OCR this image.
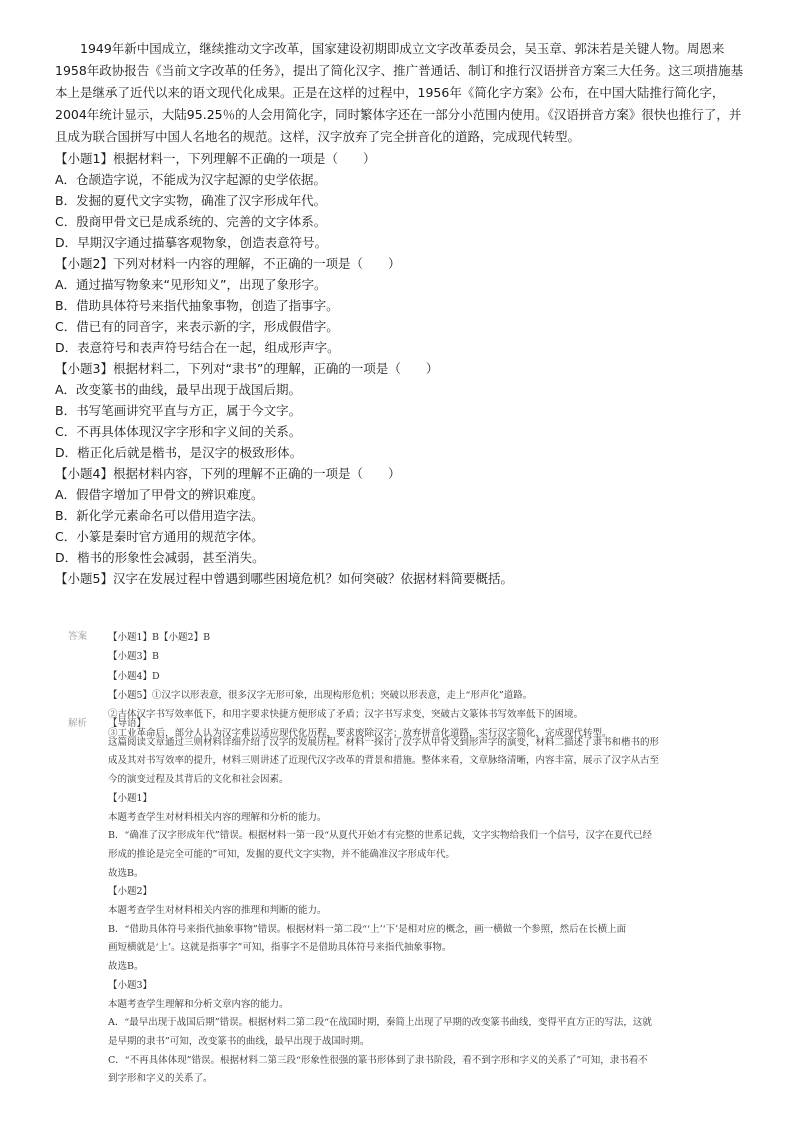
1949年新中国成立，继续推动文字改革，国家建设初期即成立文字改革委员会，吴玉章、郭沫若是关键人物。周恩来1958年政协报告《当前文字改革的任务》，提出了简化汉字、推广普通话、制订和推行汉语拼音方案三大任务。这三项措施基本上是继承了近代以来的语文现代化成果。正是在这样的过程中，1956年《简化字方案》公布，在中国大陆推行简化字，2004年统计显示，大陆95.25％的人会用简化字，同时繁体字还在一部分小范围内使用。《汉语拼音方案》很快也推行了，并且成为联合国拼写中国人名地名的规范。这样，汉字放弃了完全拼音化的道路，完成现代转型。

【小题1】根据材料一，下列理解不正确的一项是（　　）

A．仓颉造字说，不能成为汉字起源的史学依据。

B．发掘的夏代文字实物，确准了汉字形成年代。

C．殷商甲骨文已是成系统的、完善的文字体系。

D．早期汉字通过描摹客观物象，创造表意符号。

【小题2】下列对材料一内容的理解，不正确的一项是（　　）

A．通过描写物象来“见形知义”，出现了象形字。

B．借助具体符号来指代抽象事物，创造了指事字。

C．借已有的同音字，来表示新的字，形成假借字。

D．表意符号和表声符号结合在一起，组成形声字。

【小题3】根据材料二，下列对“隶书”的理解，正确的一项是（　　）

A．改变篆书的曲线，最早出现于战国后期。

B．书写笔画讲究平直与方正，属于今文字。

C．不再具体体现汉字字形和字义间的关系。

D．楷正化后就是楷书，是汉字的极致形体。

【小题4】根据材料内容，下列的理解不正确的一项是（　　）

A．假借字增加了甲骨文的辨识难度。

B．新化学元素命名可以借用造字法。

C．小篆是秦时官方通用的规范字体。

D．楷书的形象性会减弱，甚至消失。

【小题5】汉字在发展过程中曾遇到哪些困境危机？如何突破？依据材料简要概括。

答案	【小题1】B【小题2】B

【小题3】B

【小题4】D

【小题5】①汉字以形表意，很多汉字无形可象，出现构形危机；突破以形表意，走上“形声化”道路。

②古体汉字书写效率低下，和用字要求快捷方便形成了矛盾；汉字书写求变，突破古文篆体书写效率低下的困境。

③工业革命后，部分人认为汉字难以适应现代化历程，要求废除汉字；放弃拼音化道路，实行汉字简化，完成现代转型。

解析	【导语】

这篇阅读文章通过三则材料详细介绍了汉字的发展历程。材料一探讨了汉字从甲骨文到形声字的演变，材料二描述了隶书和楷书的形

成及其对书写效率的提升，材料三则讲述了近现代汉字改革的背景和措施。整体来看，文章脉络清晰，内容丰富，展示了汉字从古至

今的演变过程及其背后的文化和社会因素。

【小题1】

本题考查学生对材料相关内容的理解和分析的能力。

B．“确准了汉字形成年代”错误。根据材料一第一段“从夏代开始才有完整的世系记载，文字实物给我们一个信号，汉字在夏代已经

形成的推论是完全可能的”可知，发掘的夏代文字实物，并不能确准汉字形成年代。

故选B。

【小题2】

本题考查学生对材料相关内容的推理和判断的能力。

B．“借助具体符号来指代抽象事物”错误。根据材料一第二段“‘上’‘下’是相对应的概念，画一横做一个参照，然后在长横上面

画短横就是‘上’。这就是指事字”可知，指事字不是借助具体符号来指代抽象事物。

故选B。

【小题3】

本题考查学生理解和分析文章内容的能力。

A．“最早出现于战国后期”错误。根据材料二第二段“在战国时期，秦简上出现了早期的改变篆书曲线，变得平直方正的写法，这就

是早期的隶书”可知，改变篆书的曲线，最早出现于战国时期。

C．“不再具体体现”错误。根据材料二第三段“形象性很强的篆书形体到了隶书阶段，看不到字形和字义的关系了”可知，隶书看不

到字形和字义的关系了。
